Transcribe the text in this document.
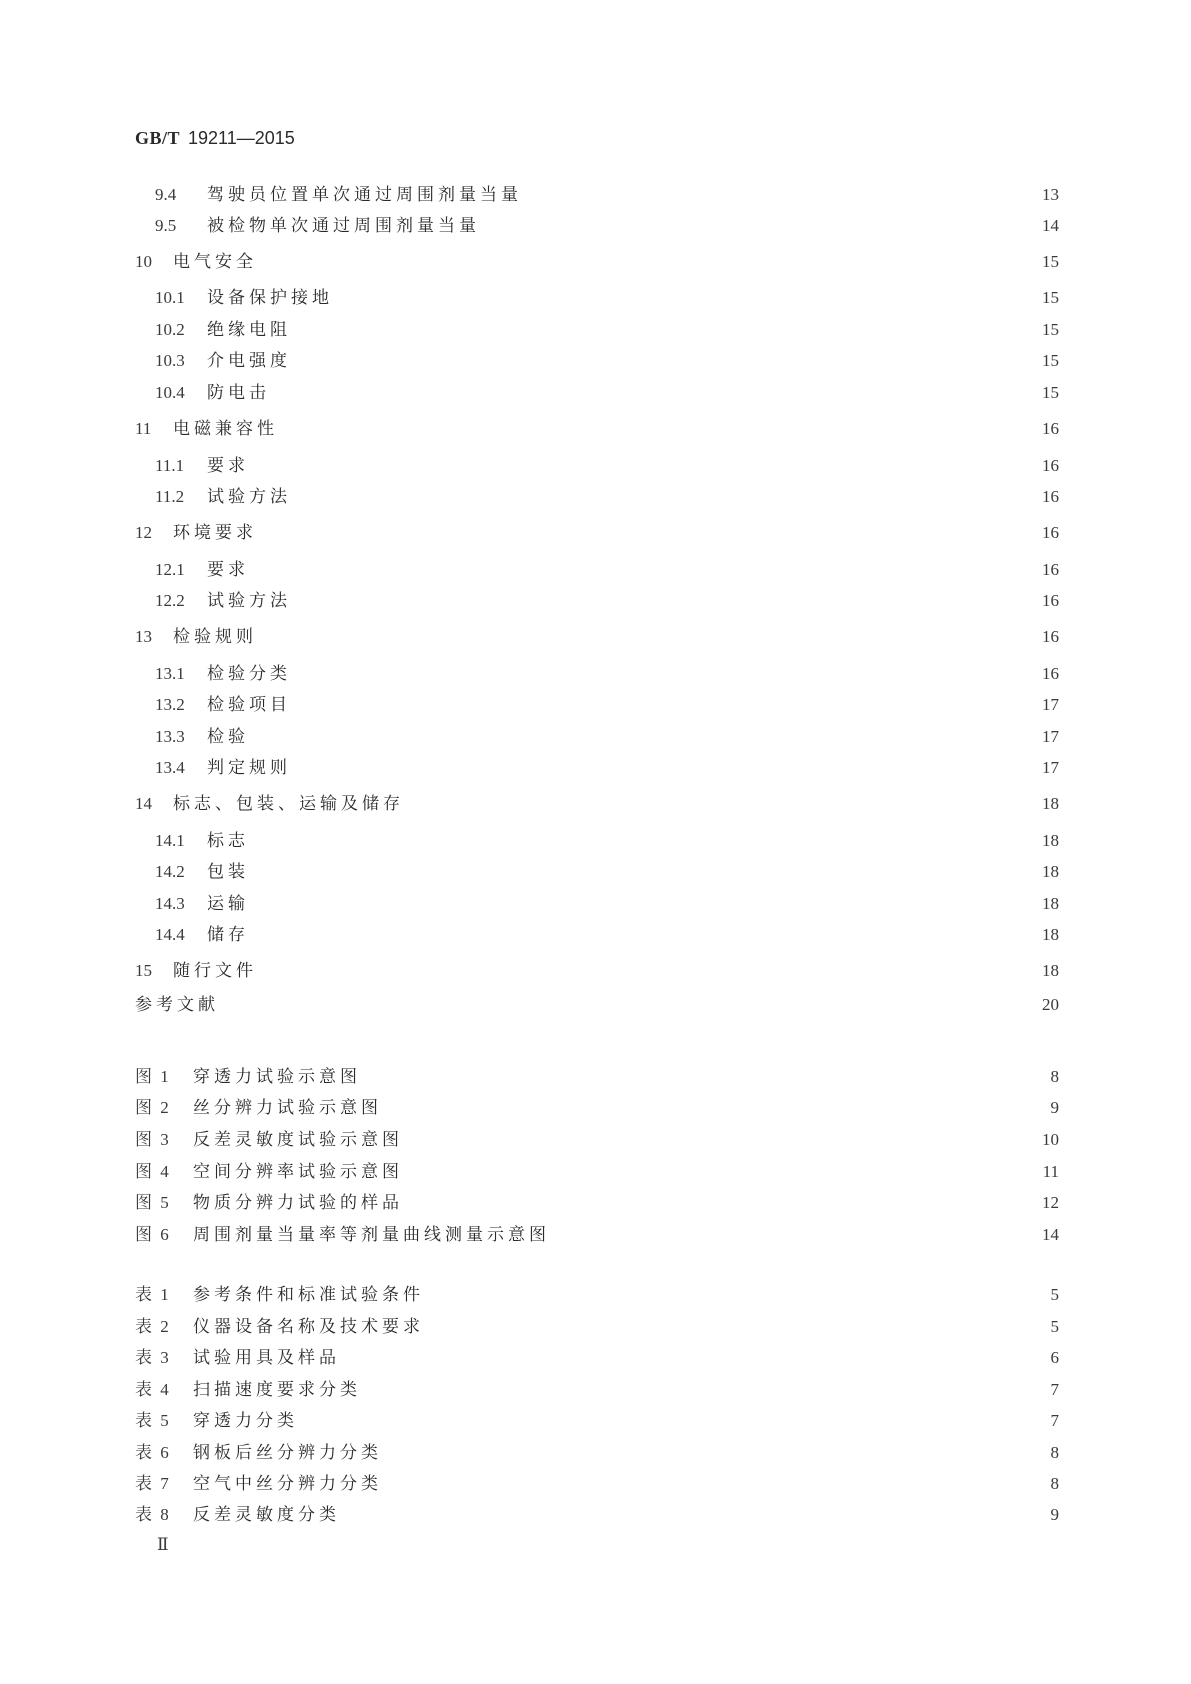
GB/T 19211—2015
9.4	驾驶员位置单次通过周围剂量当量	13
9.5	被检物单次通过周围剂量当量	14
10	电气安全	15
10.1	设备保护接地	15
10.2	绝缘电阻	15
10.3	介电强度	15
10.4	防电击	15
11	电磁兼容性	16
11.1	要求	16
11.2	试验方法	16
12	环境要求	16
12.1	要求	16
12.2	试验方法	16
13	检验规则	16
13.1	检验分类	16
13.2	检验项目	17
13.3	检验	17
13.4	判定规则	17
14	标志、包装、运输及储存	18
14.1	标志	18
14.2	包装	18
14.3	运输	18
14.4	储存	18
15	随行文件	18
参考文献	20
图 1	穿透力试验示意图	8
图 2	丝分辨力试验示意图	9
图 3	反差灵敏度试验示意图	10
图 4	空间分辨率试验示意图	11
图 5	物质分辨力试验的样品	12
图 6	周围剂量当量率等剂量曲线测量示意图	14
表 1	参考条件和标准试验条件	5
表 2	仪器设备名称及技术要求	5
表 3	试验用具及样品	6
表 4	扫描速度要求分类	7
表 5	穿透力分类	7
表 6	钢板后丝分辨力分类	8
表 7	空气中丝分辨力分类	8
表 8	反差灵敏度分类	9
Ⅱ
